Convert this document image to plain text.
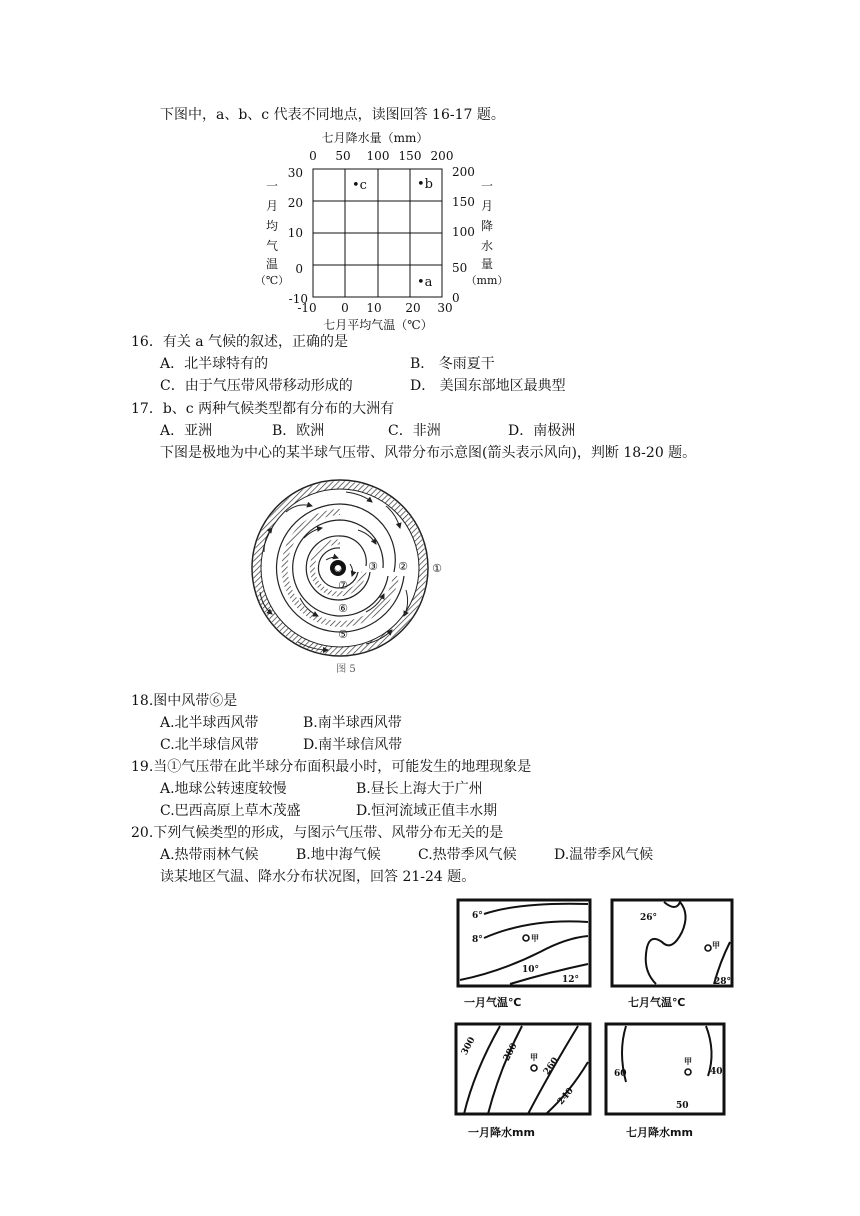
下图中，a、b、c 代表不同地点，读图回答 16-17 题。
七月降水量（mm）
0 50 100 150 200
30
20
10
0
-10
200
150
100
50
0
-10 0 10 20 30
一
月
均
气
温
（℃）
一
月
降
水
量
（mm）
•c	•b
•a
七月平均气温（℃）
16．有关 a 气候的叙述，正确的是
A．北半球特有的	B． 冬雨夏干
C．由于气压带风带移动形成的	D． 美国东部地区最典型
17．b、c 两种气候类型都有分布的大洲有
A．亚洲	B．欧洲	C．非洲	D．南极洲
下图是极地为中心的某半球气压带、风带分布示意图(箭头表示风向)，判断 18-20 题。
④	①
②
③
⑤
⑥
⑦
图 5
18.图中风带⑥是
A.北半球西风带	B.南半球西风带
C.北半球信风带	D.南半球信风带
19.当①气压带在此半球分布面积最小时，可能发生的地理现象是
A.地球公转速度较慢	B.昼长上海大于广州
C.巴西高原上草木茂盛	D.恒河流域正值丰水期
20.下列气候类型的形成，与图示气压带、风带分布无关的是
A.热带雨林气候	B.地中海气候	C.热带季风气候	D.温带季风气候
读某地区气温、降水分布状况图，回答 21-24 题。
6°
8°
10°
12°
甲
一月气温℃
26°
28°
甲
七月气温℃
300	280
260
240
甲
一月降水mm
60
50
40
甲
七月降水mm
